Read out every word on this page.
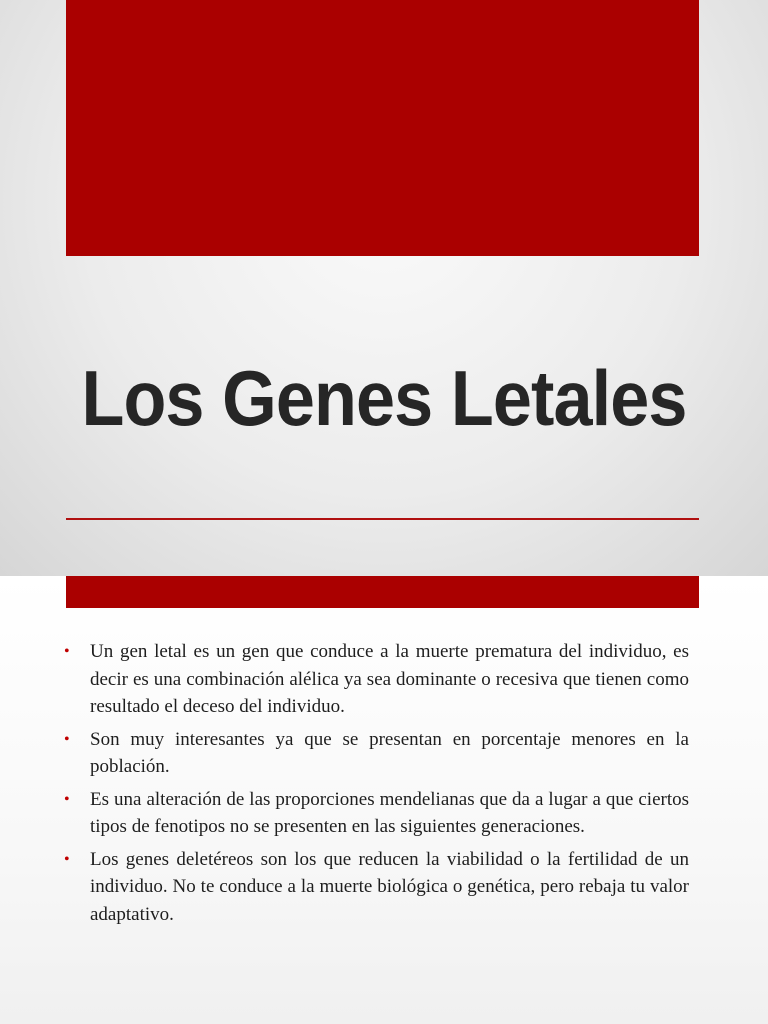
Los Genes Letales
• Un gen letal es un gen que conduce a la muerte prematura del individuo, es decir es una combinación alélica ya sea dominante o recesiva que tienen como resultado el deceso del individuo.
• Son muy interesantes ya que se presentan en porcentaje menores en la población.
• Es una alteración de las proporciones mendelianas que da a lugar a que ciertos tipos de fenotipos no se presenten en las siguientes generaciones.
• Los genes deletéreos son los que reducen la viabilidad o la fertilidad de un individuo. No te conduce a la muerte biológica o genética, pero rebaja tu valor adaptativo.
